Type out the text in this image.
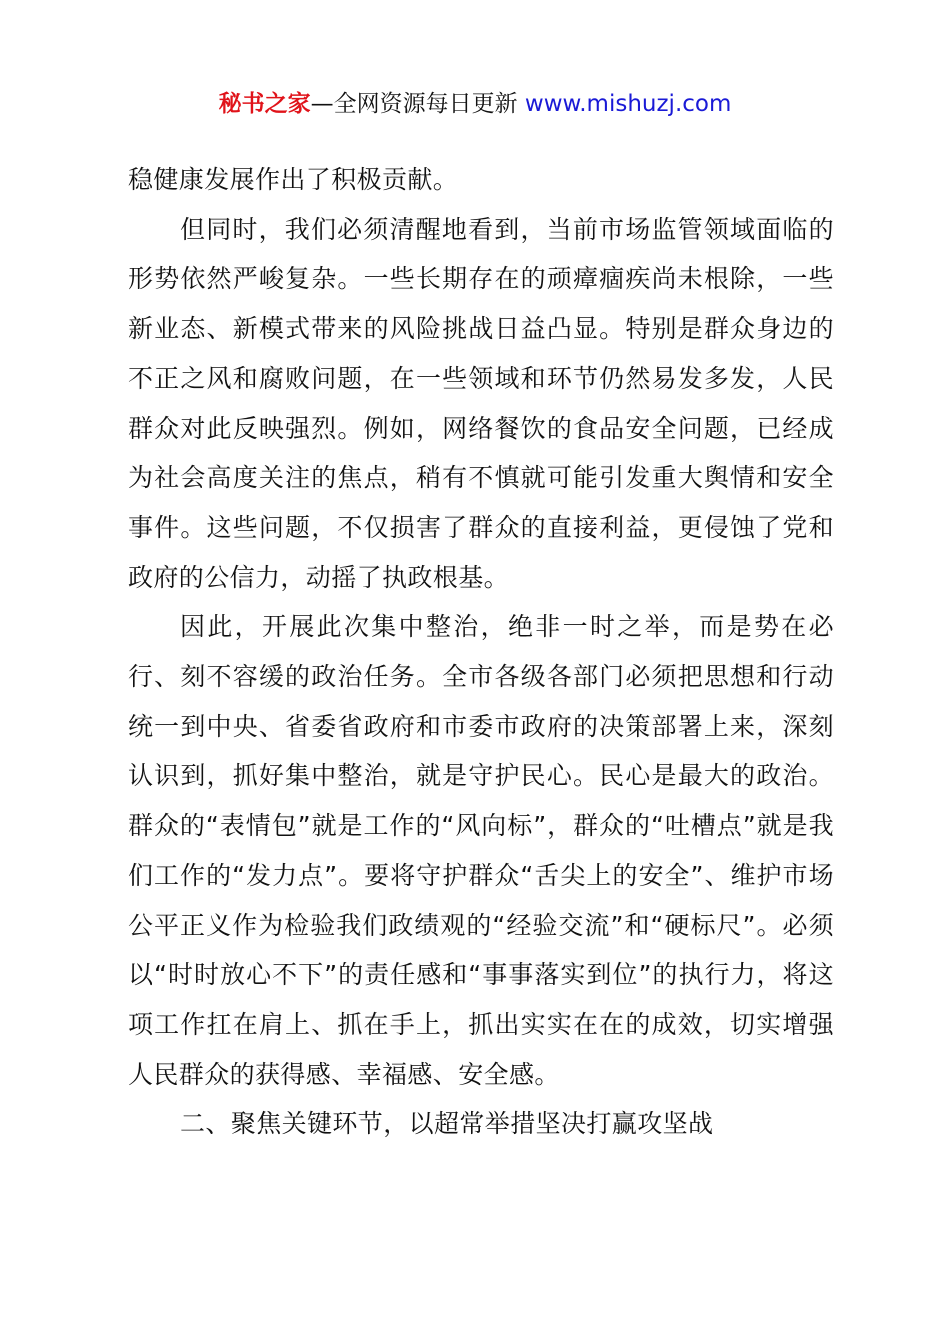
秘书之家—全网资源每日更新 www.mishuzj.com

稳健康发展作出了积极贡献。

但同时，我们必须清醒地看到，当前市场监管领域面临的形势依然严峻复杂。一些长期存在的顽瘴痼疾尚未根除，一些新业态、新模式带来的风险挑战日益凸显。特别是群众身边的不正之风和腐败问题，在一些领域和环节仍然易发多发，人民群众对此反映强烈。例如，网络餐饮的食品安全问题，已经成为社会高度关注的焦点，稍有不慎就可能引发重大舆情和安全事件。这些问题，不仅损害了群众的直接利益，更侵蚀了党和政府的公信力，动摇了执政根基。

因此，开展此次集中整治，绝非一时之举，而是势在必行、刻不容缓的政治任务。全市各级各部门必须把思想和行动统一到中央、省委省政府和市委市政府的决策部署上来，深刻认识到，抓好集中整治，就是守护民心。民心是最大的政治。群众的“表情包”就是工作的“风向标”，群众的“吐槽点”就是我们工作的“发力点”。要将守护群众“舌尖上的安全”、维护市场公平正义作为检验我们政绩观的“经验交流”和“硬标尺”。必须以“时时放心不下”的责任感和“事事落实到位”的执行力，将这项工作扛在肩上、抓在手上，抓出实实在在的成效，切实增强人民群众的获得感、幸福感、安全感。

二、聚焦关键环节，以超常举措坚决打赢攻坚战
